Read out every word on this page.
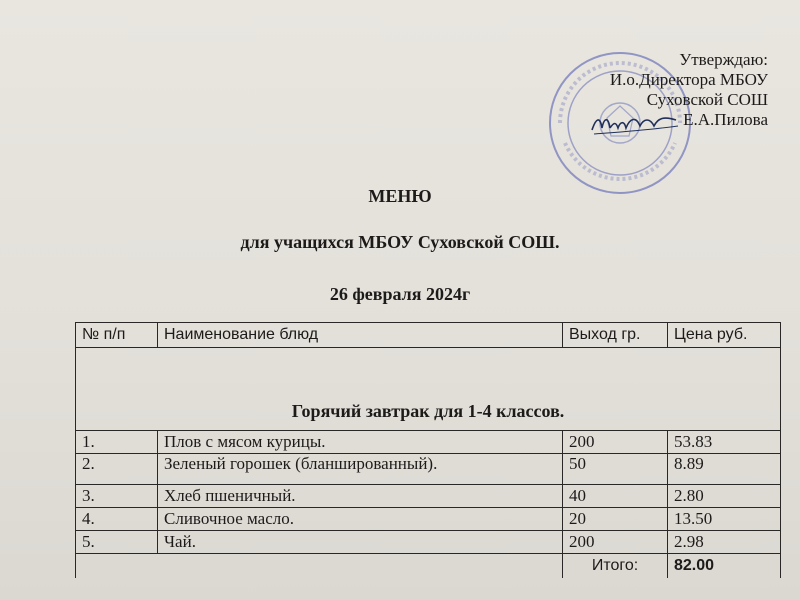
Утверждаю:
И.о.Директора МБОУ
Суховской СОШ
Е.А.Пилова
МЕНЮ
для учащихся МБОУ Суховской СОШ.
26 февраля 2024г
№ п/п	Наименование блюд	Выход гр.	Цена руб.
Горячий завтрак для 1-4 классов.			
1.	Плов с мясом курицы.	200	53.83
2.	Зеленый горошек (бланшированный).	50	8.89
3.	Хлеб пшеничный.	40	2.80
4.	Сливочное масло.	20	13.50
5.	Чай.	200	2.98
		Итого:	82.00
